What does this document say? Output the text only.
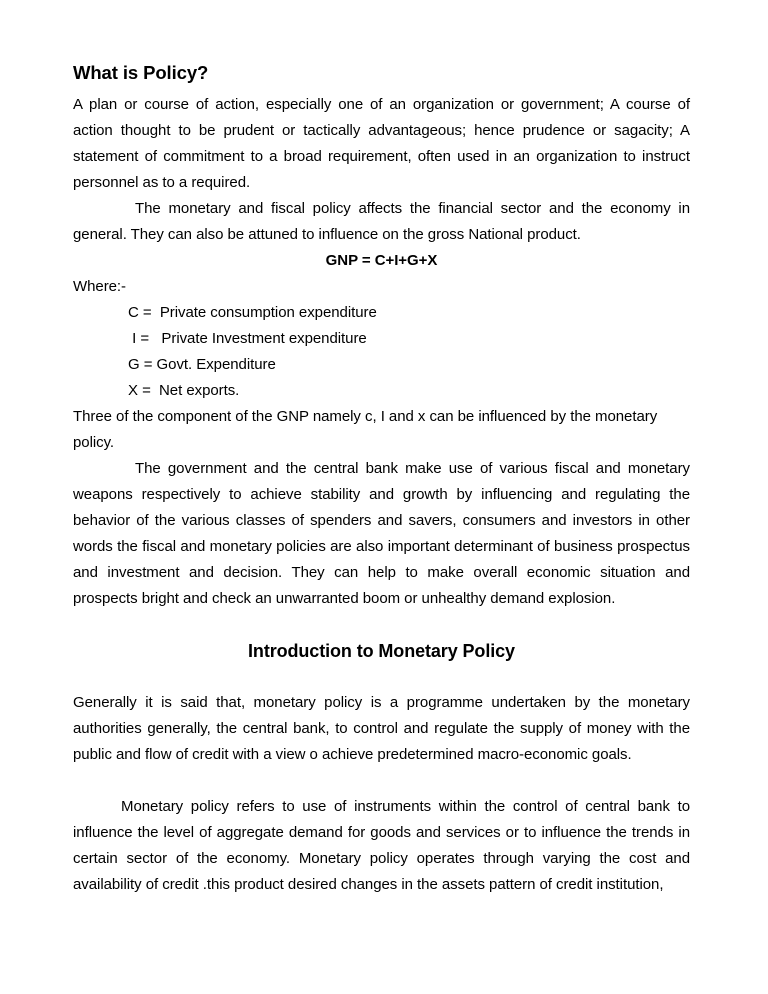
What is Policy?

A plan or course of action, especially one of an organization or government; A course of action thought to be prudent or tactically advantageous; hence prudence or sagacity; A statement of commitment to a broad requirement, often used in an organization to instruct personnel as to a required.

The monetary and fiscal policy affects the financial sector and the economy in general. They can also be attuned to influence on the gross National product.

GNP = C+I+G+X

Where:-

C =  Private consumption expenditure
I =   Private Investment expenditure
G = Govt. Expenditure
X =  Net exports.

Three of the component of the GNP namely c, I and x can be influenced by the monetary policy.

The government and the central bank make use of various fiscal and monetary weapons respectively to achieve stability and growth by influencing and regulating the behavior of the various classes of spenders and savers, consumers and investors in other words the fiscal and monetary policies are also important determinant of business prospectus and investment and decision. They can help to make overall economic situation and prospects bright and check an unwarranted boom or unhealthy demand explosion.

Introduction to Monetary Policy

Generally it is said that, monetary policy is a programme undertaken by the monetary authorities generally, the central bank, to control and regulate the supply of money with the public and flow of credit with a view o achieve predetermined macro-economic goals.

Monetary policy refers to use of instruments within the control of central bank to influence the level of aggregate demand for goods and services or to influence the trends in certain sector of the economy. Monetary policy operates through varying the cost and availability of credit .this product desired changes in the assets pattern of credit institution,
